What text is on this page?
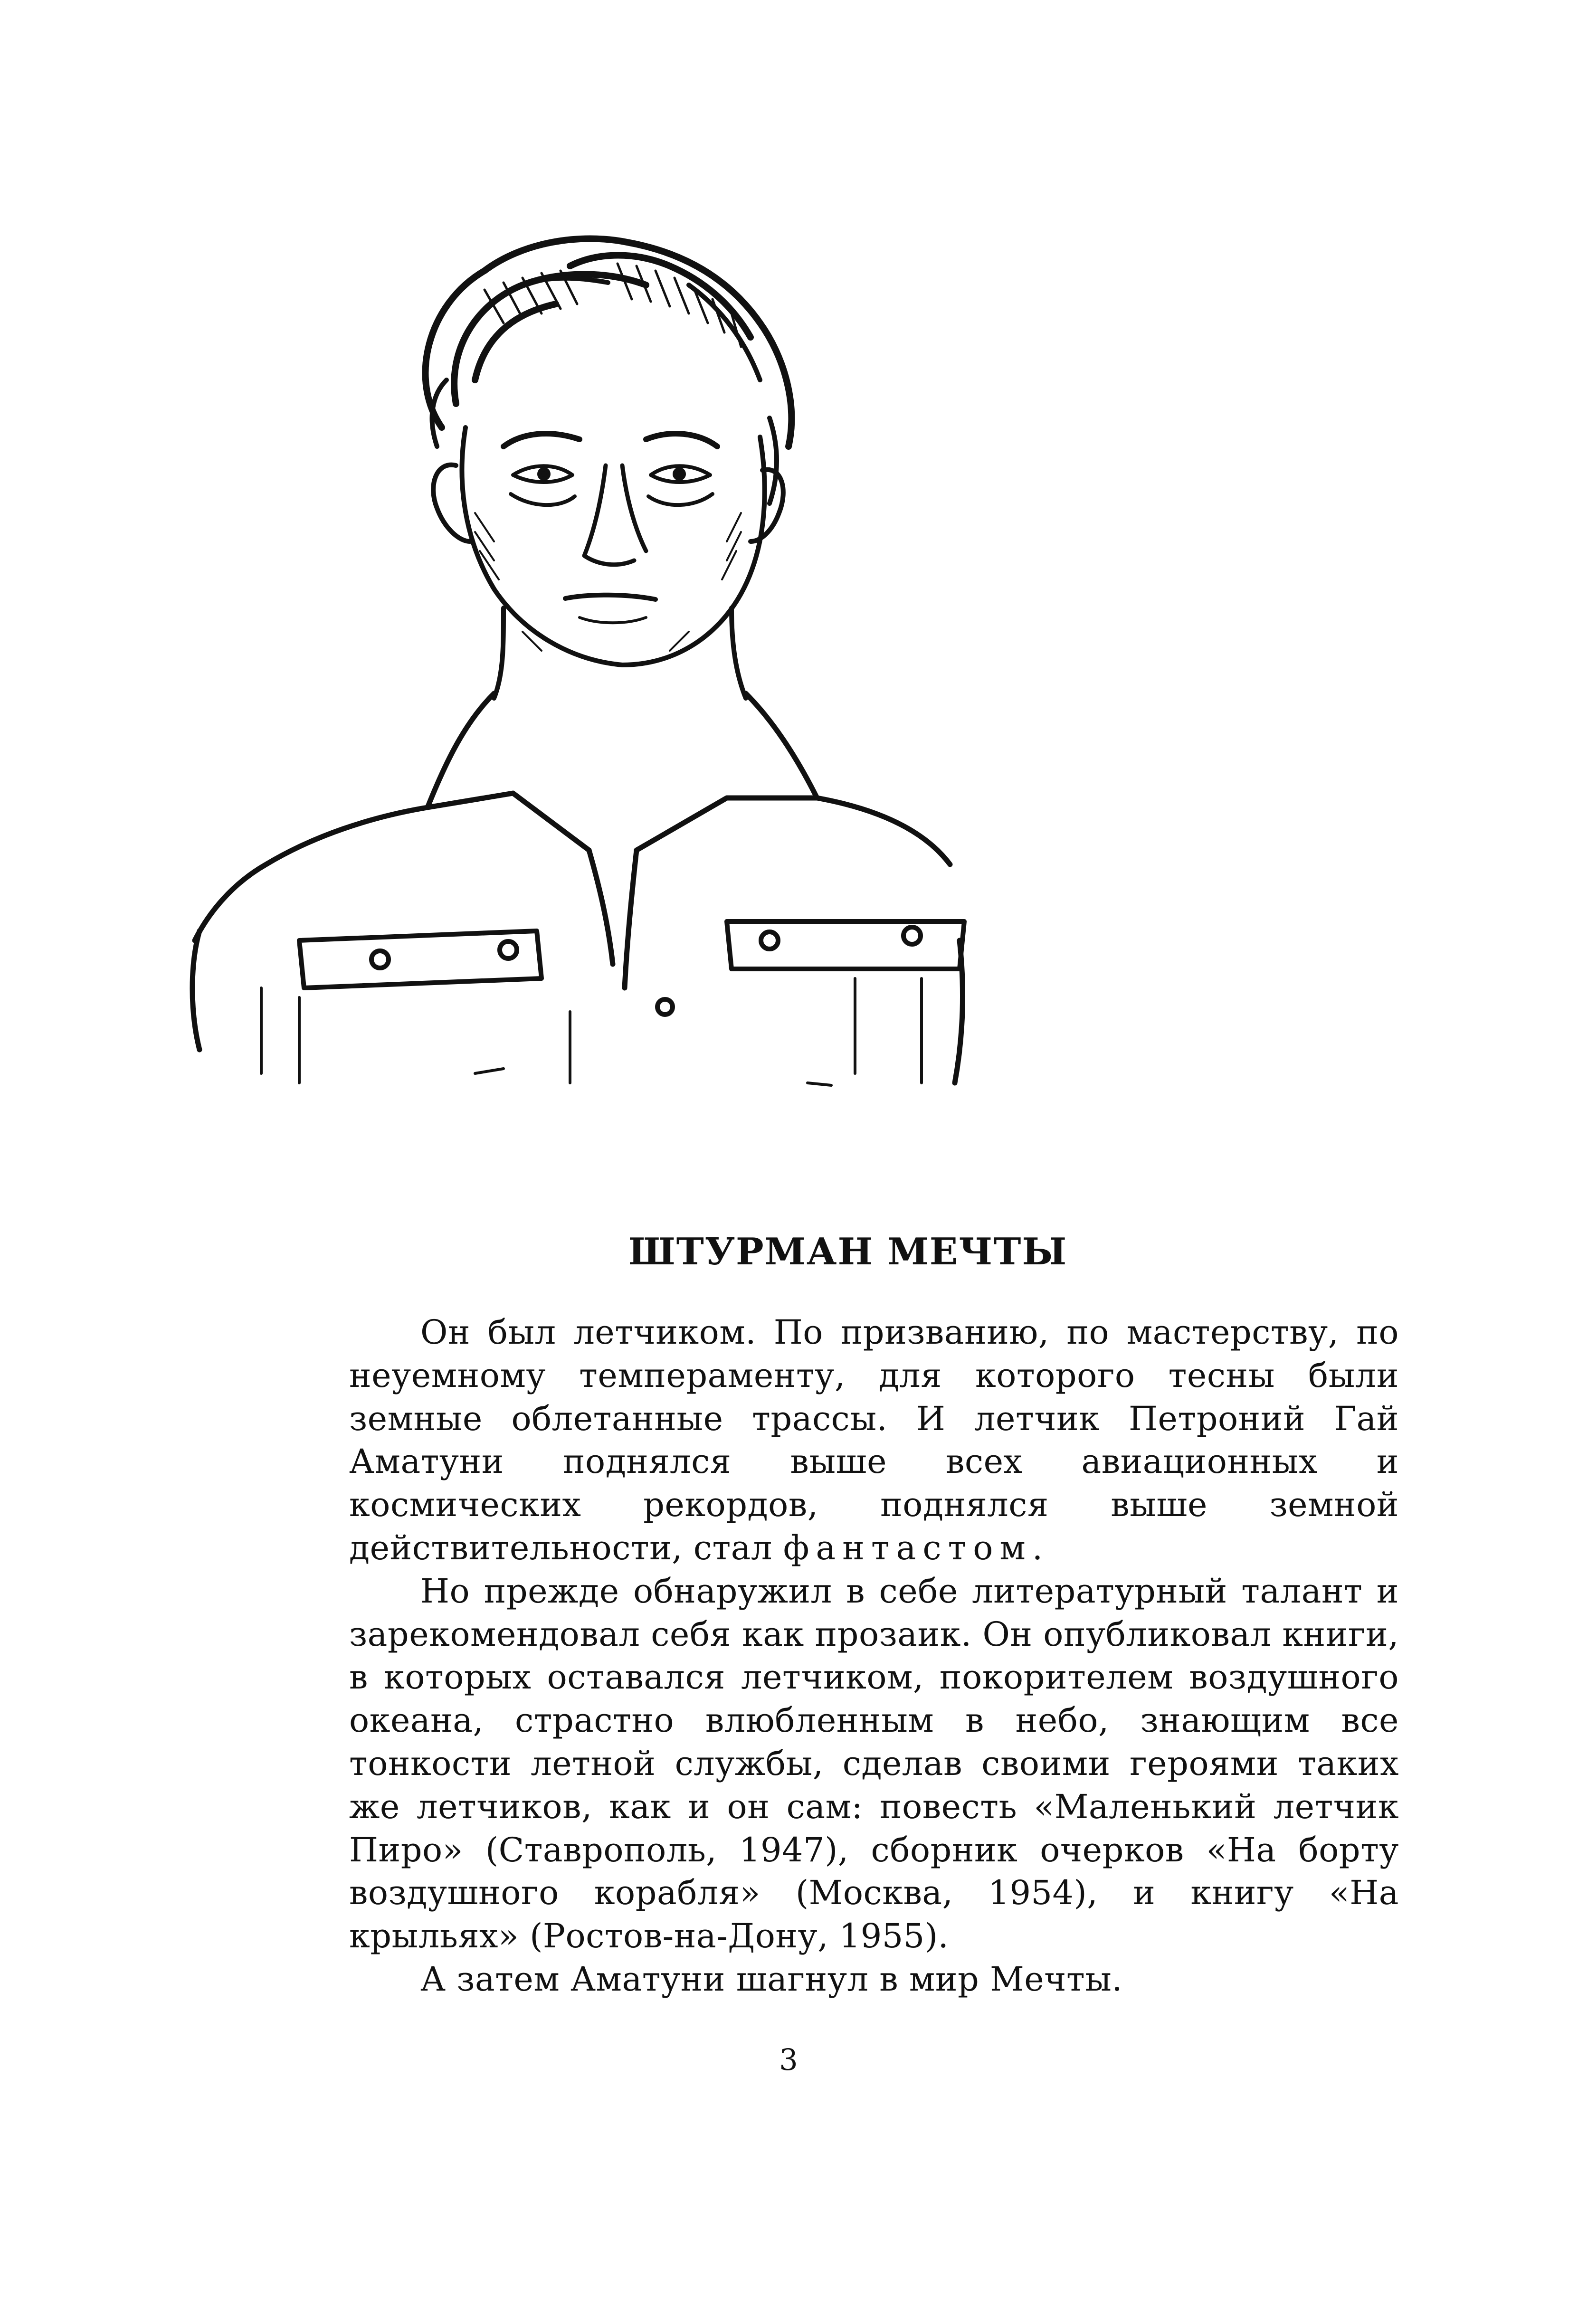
ШТУРМАН МЕЧТЫ

Он был летчиком. По призванию, по мастерству, по неуемному темпераменту, для которого тесны были земные облетанные трассы. И летчик Петроний Гай Аматуни поднялся выше всех авиационных и космических рекордов, поднялся выше земной действительности, стал фантастом.

Но прежде обнаружил в себе литературный талант и зарекомендовал себя как прозаик. Он опубликовал книги, в которых оставался летчиком, покорителем воздушного океана, страстно влюбленным в небо, знающим все тонкости летной службы, сделав своими героями таких же летчиков, как и он сам: повесть «Маленький летчик Пиро» (Ставрополь, 1947), сборник очерков «На борту воздушного корабля» (Москва, 1954), и книгу «На крыльях» (Ростов-на-Дону, 1955).

А затем Аматуни шагнул в мир Мечты.

3
